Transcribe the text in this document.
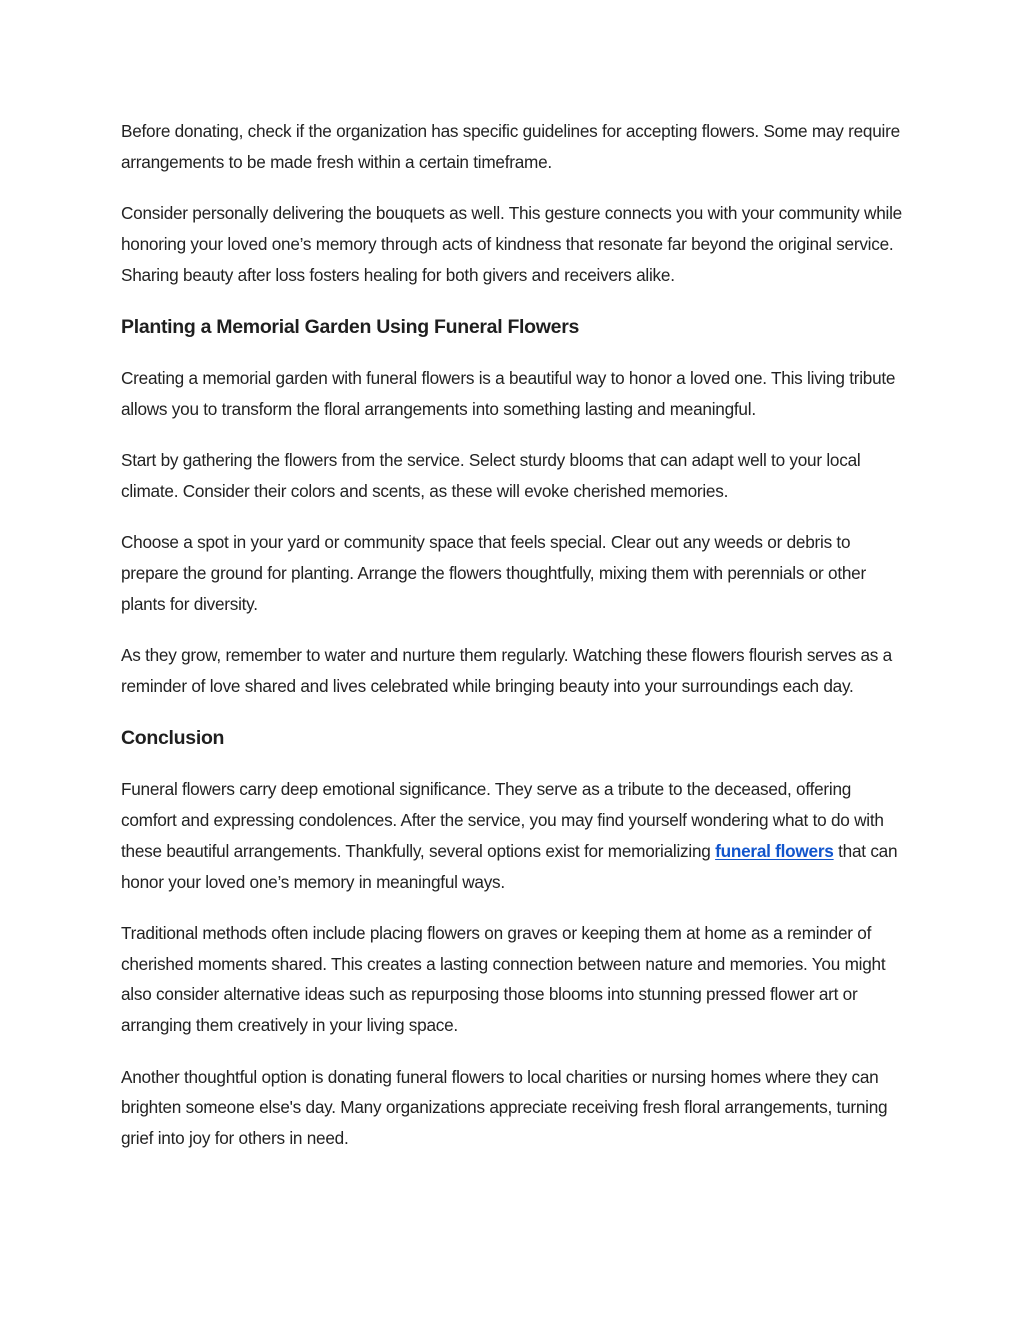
Before donating, check if the organization has specific guidelines for accepting flowers. Some may require arrangements to be made fresh within a certain timeframe.

Consider personally delivering the bouquets as well. This gesture connects you with your community while honoring your loved one’s memory through acts of kindness that resonate far beyond the original service. Sharing beauty after loss fosters healing for both givers and receivers alike.

Planting a Memorial Garden Using Funeral Flowers

Creating a memorial garden with funeral flowers is a beautiful way to honor a loved one. This living tribute allows you to transform the floral arrangements into something lasting and meaningful.

Start by gathering the flowers from the service. Select sturdy blooms that can adapt well to your local climate. Consider their colors and scents, as these will evoke cherished memories.

Choose a spot in your yard or community space that feels special. Clear out any weeds or debris to prepare the ground for planting. Arrange the flowers thoughtfully, mixing them with perennials or other plants for diversity.

As they grow, remember to water and nurture them regularly. Watching these flowers flourish serves as a reminder of love shared and lives celebrated while bringing beauty into your surroundings each day.

Conclusion

Funeral flowers carry deep emotional significance. They serve as a tribute to the deceased, offering comfort and expressing condolences. After the service, you may find yourself wondering what to do with these beautiful arrangements. Thankfully, several options exist for memorializing funeral flowers that can honor your loved one’s memory in meaningful ways.

Traditional methods often include placing flowers on graves or keeping them at home as a reminder of cherished moments shared. This creates a lasting connection between nature and memories. You might also consider alternative ideas such as repurposing those blooms into stunning pressed flower art or arranging them creatively in your living space.

Another thoughtful option is donating funeral flowers to local charities or nursing homes where they can brighten someone else's day. Many organizations appreciate receiving fresh floral arrangements, turning grief into joy for others in need.
